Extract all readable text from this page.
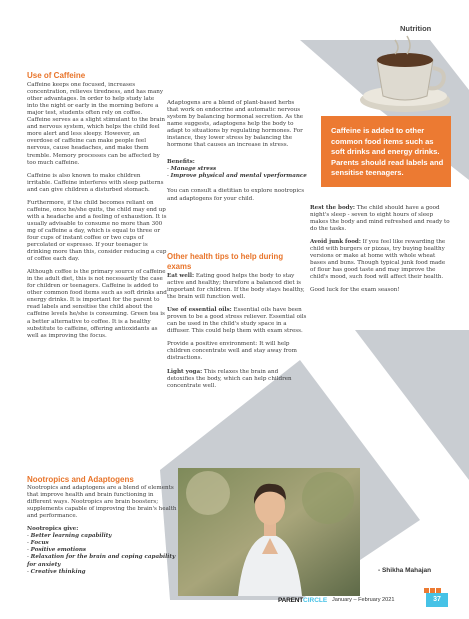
Nutrition
Use of Caffeine

Caffeine keeps one focused, increases concentration, relieves tiredness, and has many other advantages. In order to help study late into the night or early in the morning before a major test, students often rely on coffee. Caffeine serves as a slight stimulant to the brain and nervous system, which helps the child feel more alert and less sleepy. However, an overdose of caffeine can make people feel nervous, cause headaches, and make them tremble. Memory processes can be affected by too much caffeine.

Caffeine is also known to make children irritable. Caffeine interferes with sleep patterns and can give children a disturbed stomach.

Furthermore, if the child becomes reliant on caffeine, once he/she quits, the child may end up with a headache and a feeling of exhaustion. It is usually advisable to consume no more than 300 mg of caffeine a day, which is equal to three or four cups of instant coffee or two cups of percolated or espresso. If your teenager is drinking more than this, consider reducing a cup of coffee each day.

Although coffee is the primary source of caffeine in the adult diet, this is not necessarily the case for children or teenagers. Caffeine is added to other common food items such as soft drinks and energy drinks. It is important for the parent to read labels and sensitise the child about the caffeine levels he/she is consuming. Green tea is a better alternative to coffee. It is a healthy substitute to caffeine, offering antioxidants as well as improving the focus.

Nootropics and Adaptogens

Nootropics and adaptogens are a blend of elements that improve health and brain functioning in different ways. Nootropics are brain boosters; supplements capable of improving the brain's health and performance.

Nootropics give:
- Better learning capability
- Focus
- Positive emotions
- Relaxation for the brain and coping capability for anxiety
- Creative thinking

Adaptogens are a blend of plant-based herbs that work on endocrine and automatic nervous system by balancing hormonal secretion. As the name suggests, adaptogens help the body to adapt to situations by regulating hormones. For instance, they lower stress by balancing the hormone that causes an increase in stress.

Benefits:
- Manage stress
- Improve physical and mental vperformance

You can consult a dietitian to explore nootropics and adaptogens for your child.

Other health tips to help during exams

Eat well: Eating good helps the body to stay active and healthy; therefore a balanced diet is important for children. If the body stays healthy, the brain will function well.

Use of essential oils: Essential oils have been proven to be a good stress reliever. Essential oils can be used in the child's study space in a diffuser. This could help them with exam stress.

Provide a positive environment: It will help children concentrate well and stay away from distractions.

Light yoga: This relaxes the brain and detoxifies the body, which can help children concentrate well.

Caffeine is added to other common food items such as soft drinks and energy drinks. Parents should read labels and sensitise teenagers.

Rest the body: The child should have a good night's sleep - seven to eight hours of sleep makes the body and mind refreshed and ready to do the tasks.

Avoid junk food: If you feel like rewarding the child with burgers or pizzas, try buying healthy versions or make at home with whole wheat bases and buns. Though typical junk food made of flour has good taste and may improve the child's mood, such food will affect their health.

Good luck for the exam season!

- Shikha Mahajan
PARENTCIRCLE January – February 2021	37
